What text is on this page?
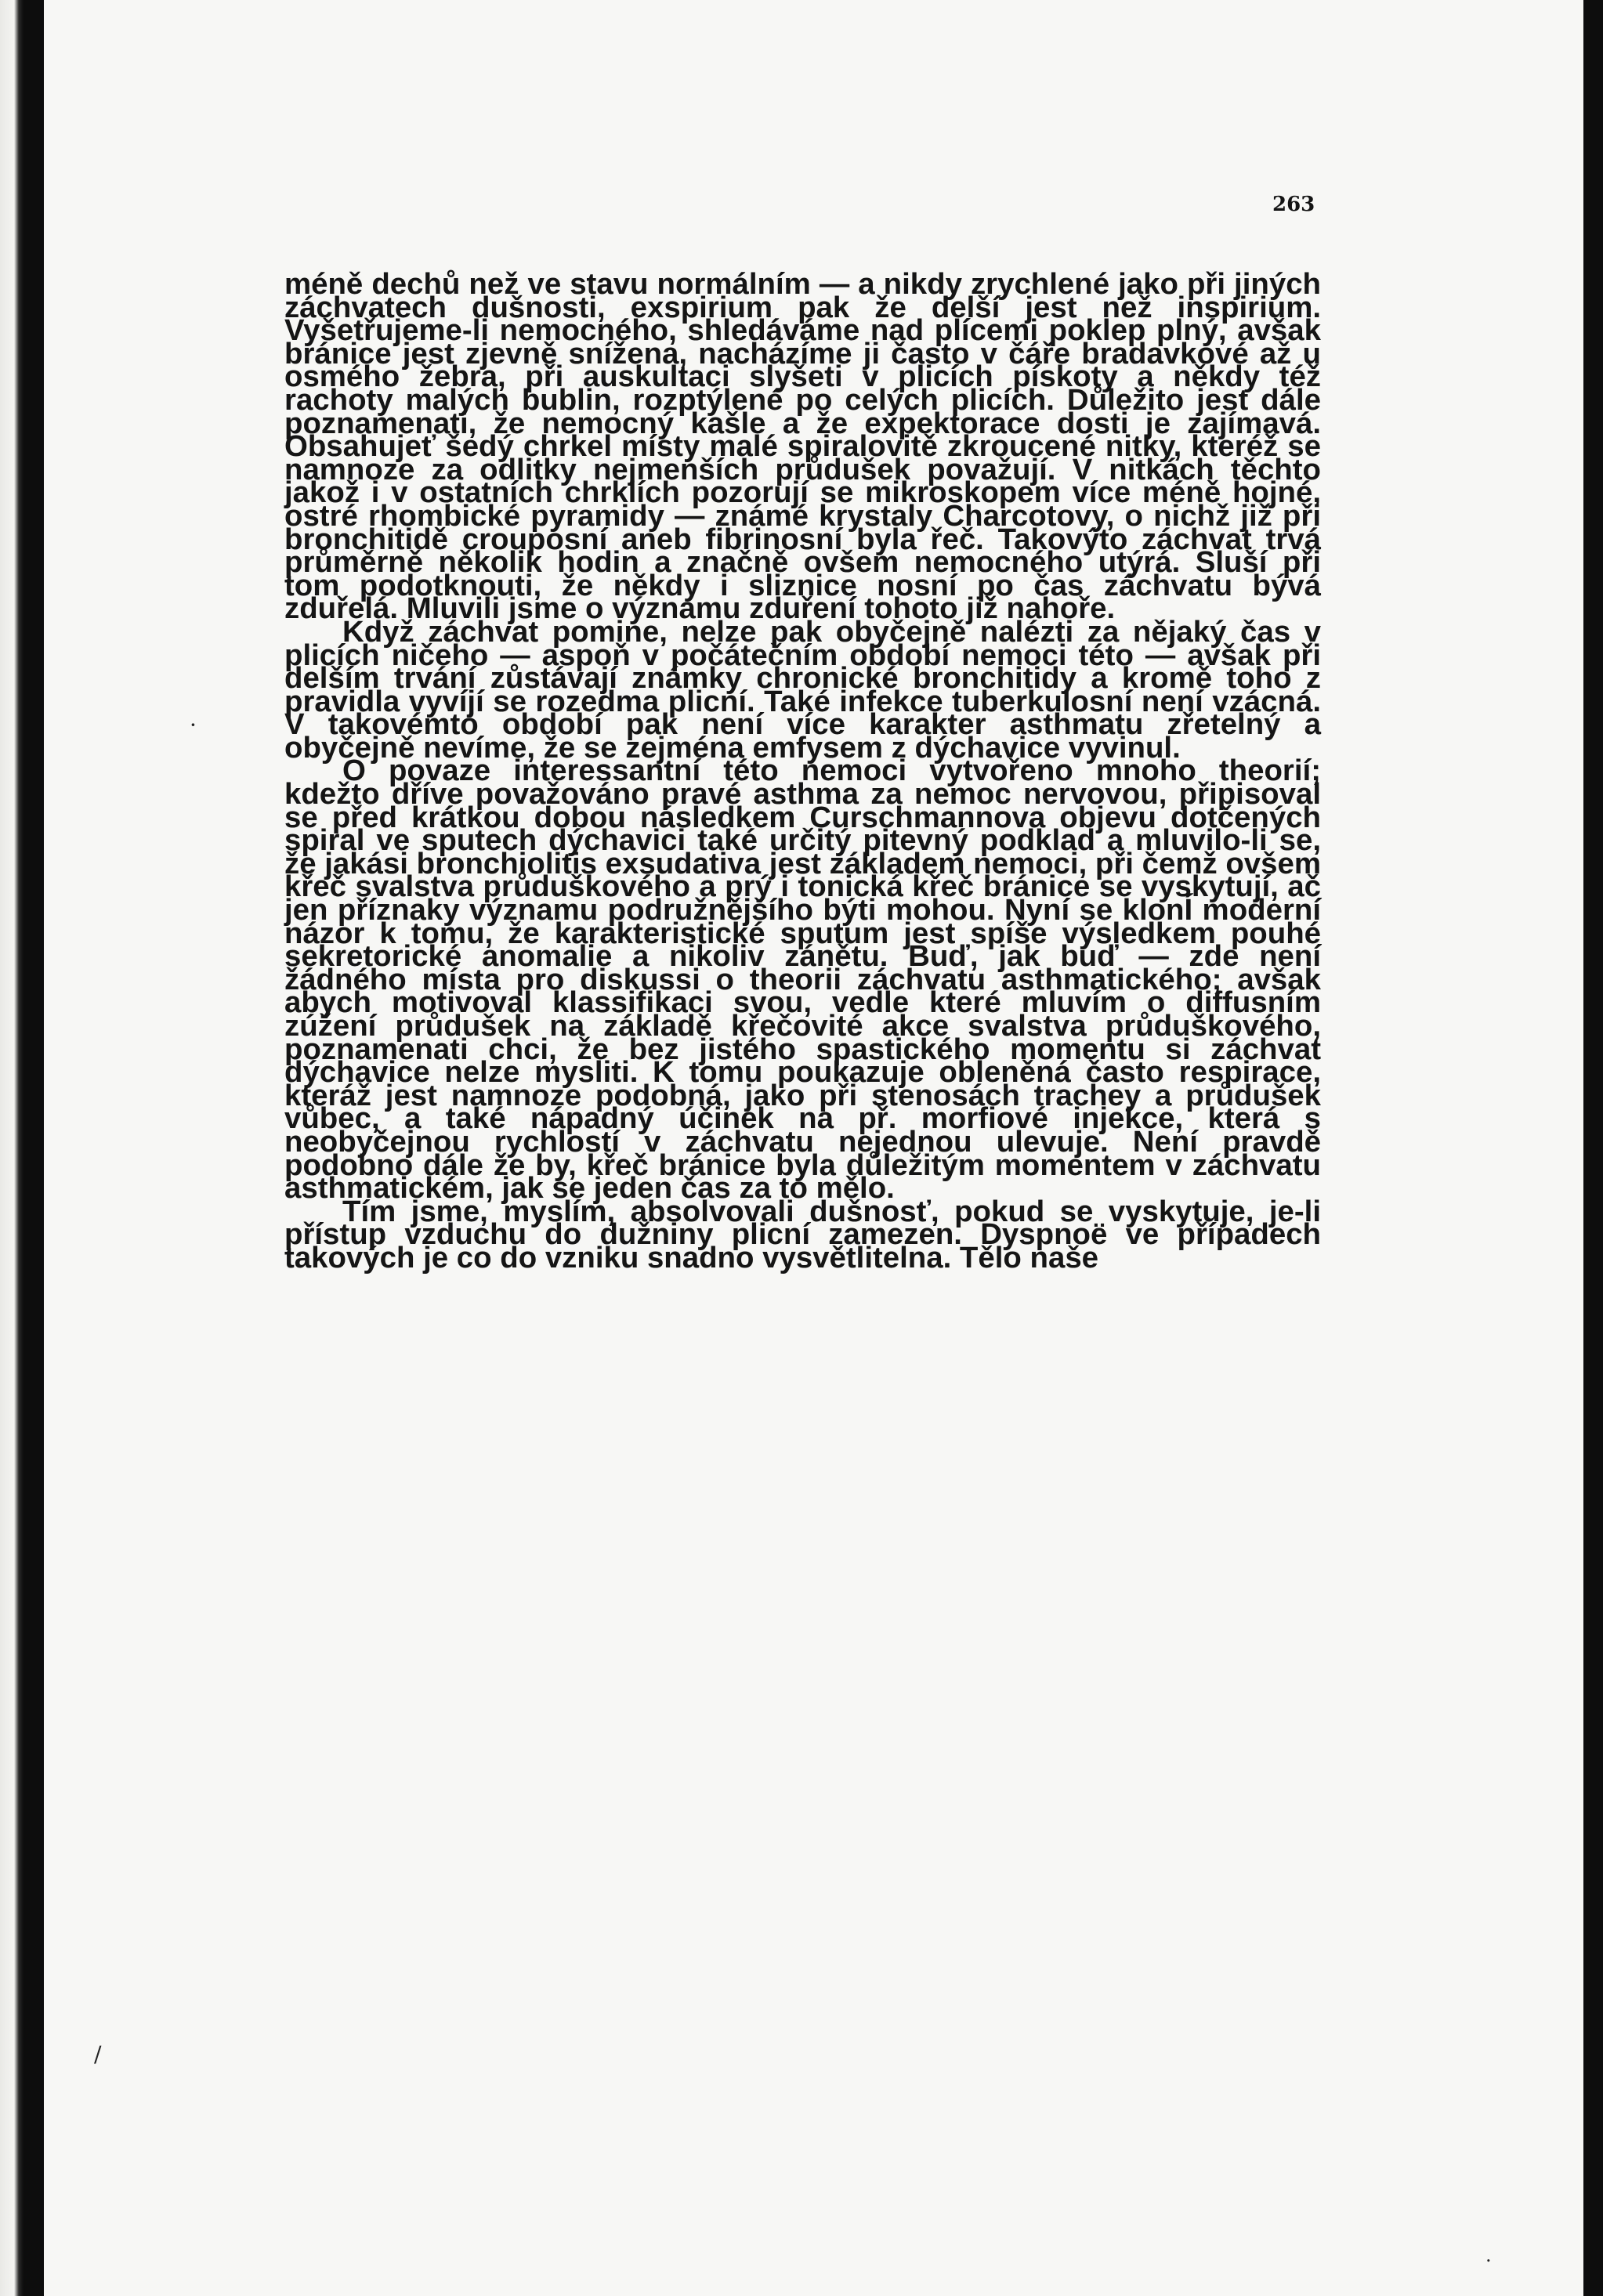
263

méně dechů než ve stavu normálním — a nikdy zrychlené jako při jiných záchvatech dušnosti, exspirium pak že delší jest než inspirium. Vyšetřujeme-li nemocného, shledáváme nad plícemi poklep plný, avšak bránice jest zjevně snížena, nacházíme ji často v čáře bradavkové až u osmého žebra, při auskultaci slyšeti v plicích pískoty a někdy též rachoty malých bublin, rozptýlené po celých plicích. Důležito jest dále poznamenati, že nemocný kašle a že expektorace dosti je zajímavá. Obsahujeť šedý chrkel místy malé spiralovitě zkroucené nitky, kteréž se namnoze za odlitky nejmenších průdušek považují. V nitkách těchto jakož i v ostatních chrklích pozorují se mikroskopem více méně hojné, ostré rhombické pyramidy — známé krystaly Charcotovy, o nichž již při bronchitidě crouposní aneb fibrinosní byla řeč. Takovýto záchvat trvá průměrně několik hodin a značně ovšem nemocného utýrá. Sluší při tom podotknouti, že někdy i sliznice nosní po čas záchvatu bývá zduřelá. Mluvili jsme o významu zduření tohoto již nahoře.

Když záchvat pomine, nelze pak obyčejně nalézti za nějaký čas v plicích ničeho — aspoň v počátečním období nemoci této — avšak při delším trvání zůstávají známky chronické bronchitidy a kromě toho z pravidla vyvíjí se rozedma plicní. Také infekce tuberkulosní není vzácná. V takovémto období pak není více karakter asthmatu zřetelný a obyčejně nevíme, že se zejména emfysem z dýchavice vyvinul.

O povaze interessantní této nemoci vytvořeno mnoho theorií; kdežto dříve považováno pravé asthma za nemoc nervovou, připisoval se před krátkou dobou následkem Curschmannova objevu dotčených spiral ve sputech dýchavici také určitý pitevný podklad a mluvilo-li se, že jakási bronchiolitis exsudativa jest základem nemoci, při čemž ovšem křeč svalstva průduškového a prý i tonická křeč bránice se vyskytují, ač jen příznaky významu podružnějšího býti mohou. Nyní se klonÍ moderní názor k tomu, že karakteristické sputum jest spíše výsledkem pouhé sekretorické anomalie a nikoliv zánětu. Buď, jak buď — zde není žádného místa pro diskussi o theorii záchvatu asthmatického; avšak abych motivoval klassifikaci svou, vedle které mluvím o diffusním zúžení průdušek na základě křečovité akce svalstva průduškového, poznamenati chci, že bez jistého spastického momentu si záchvat dýchavice nelze mysliti. K tomu poukazuje obleněná často respirace, kteráž jest namnoze podobná, jako při stenosách trachey a průdušek vůbec, a také nápadný účinek na př. morfiové injekce, která s neobyčejnou rychlostí v záchvatu nejednou ulevuje. Není pravdě podobno dále že by, křeč bránice byla důležitým momentem v záchvatu asthmatickém, jak se jeden čas za to mělo.

Tím jsme, myslím, absolvovali dušnosť, pokud se vyskytuje, je-li přístup vzduchu do dužniny plicní zamezen. Dyspnoë ve případech takových je co do vzniku snadno vysvětlitelna. Tělo naše

·
/
.
